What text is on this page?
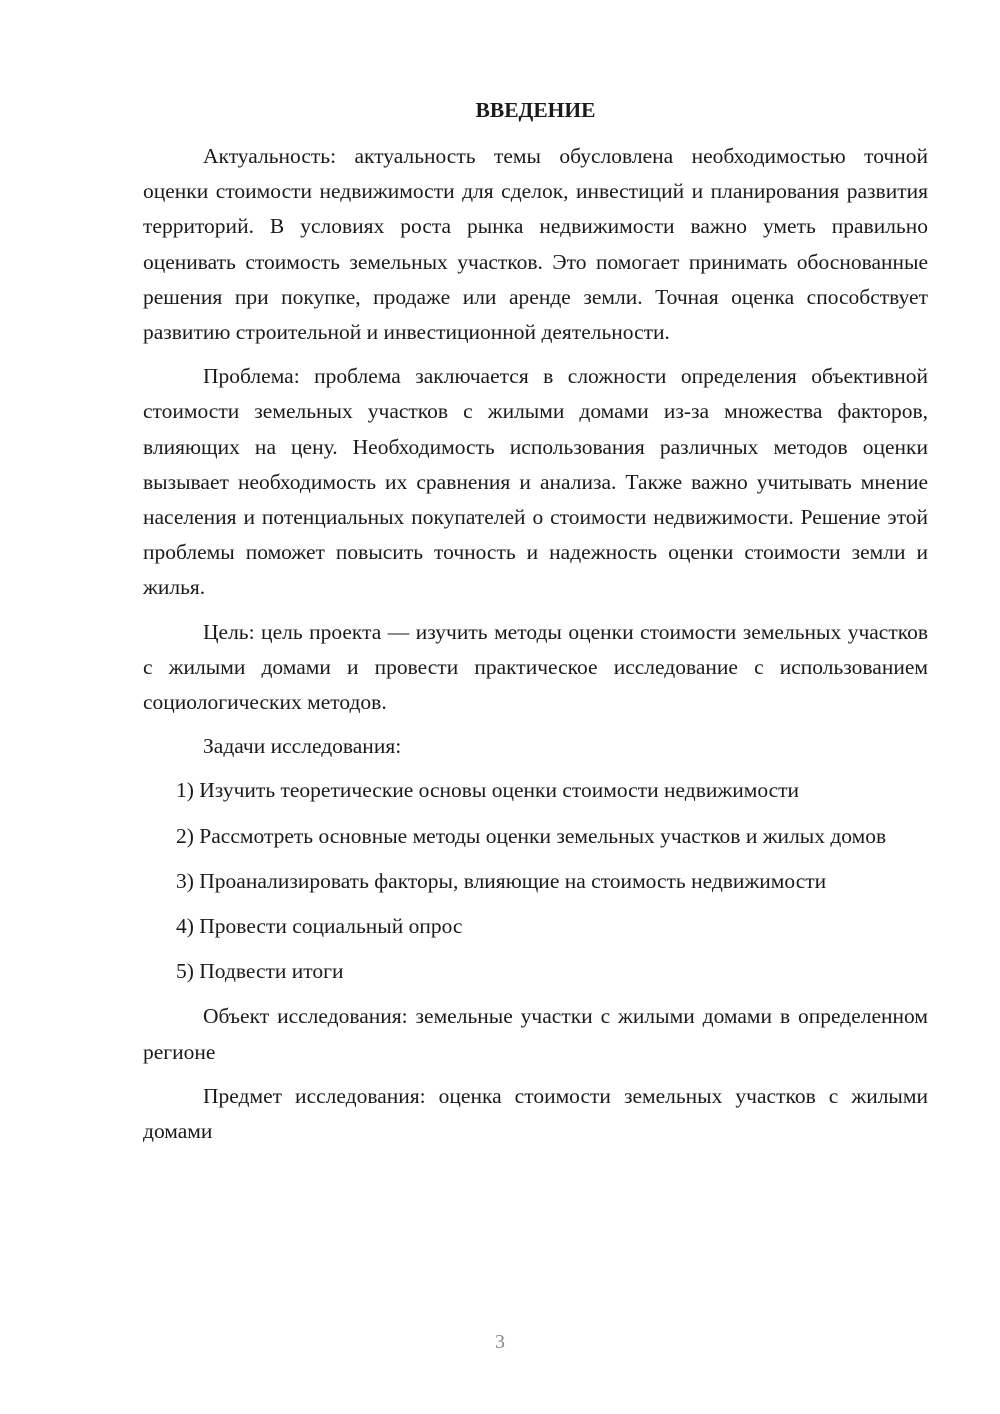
ВВЕДЕНИЕ

Актуальность: актуальность темы обусловлена необходимостью точной оценки стоимости недвижимости для сделок, инвестиций и планирования развития территорий. В условиях роста рынка недвижимости важно уметь правильно оценивать стоимость земельных участков. Это помогает принимать обоснованные решения при покупке, продаже или аренде земли. Точная оценка способствует развитию строительной и инвестиционной деятельности.

Проблема: проблема заключается в сложности определения объективной стоимости земельных участков с жилыми домами из-за множества факторов, влияющих на цену. Необходимость использования различных методов оценки вызывает необходимость их сравнения и анализа. Также важно учитывать мнение населения и потенциальных покупателей о стоимости недвижимости. Решение этой проблемы поможет повысить точность и надежность оценки стоимости земли и жилья.

Цель: цель проекта — изучить методы оценки стоимости земельных участков с жилыми домами и провести практическое исследование с использованием социологических методов.

Задачи исследования:

1) Изучить теоретические основы оценки стоимости недвижимости

2) Рассмотреть основные методы оценки земельных участков и жилых домов

3) Проанализировать факторы, влияющие на стоимость недвижимости

4) Провести социальный опрос

5) Подвести итоги

Объект исследования: земельные участки с жилыми домами в определенном регионе

Предмет исследования: оценка стоимости земельных участков с жилыми домами

3
